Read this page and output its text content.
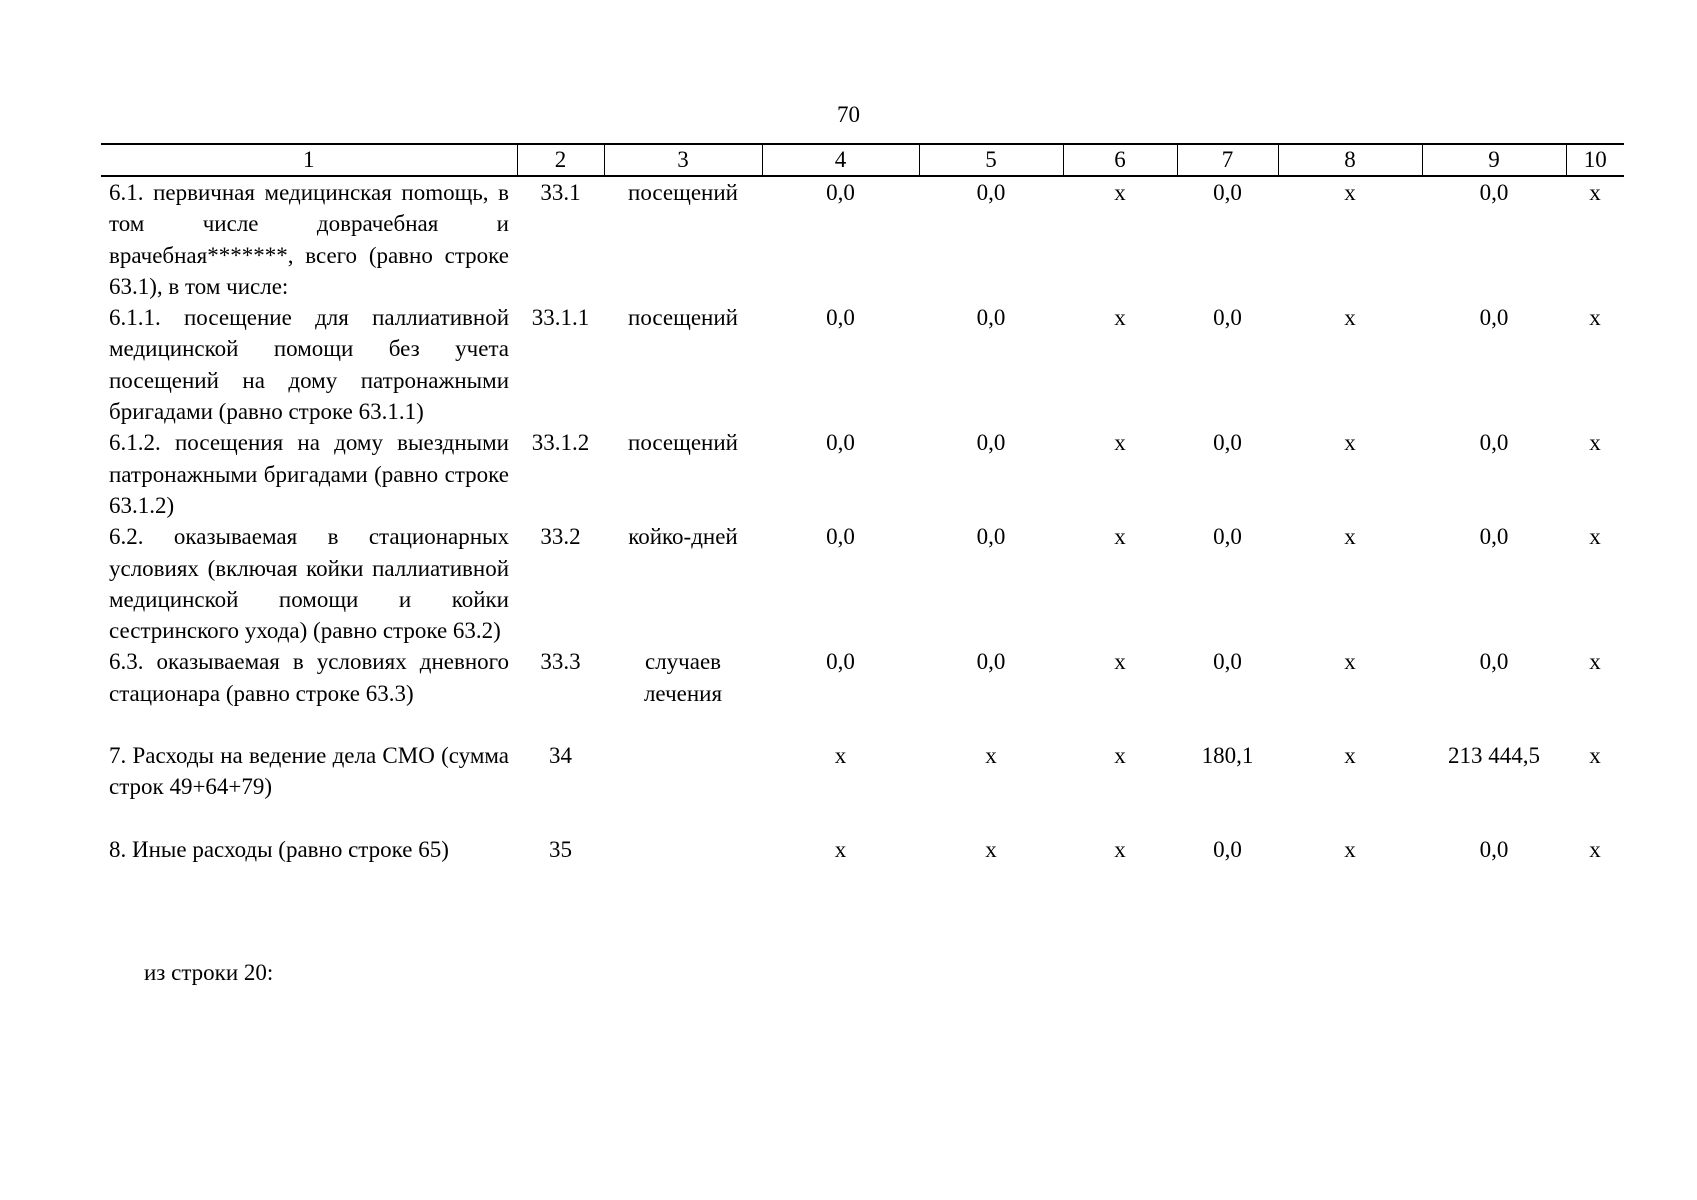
70
1	2	3	4	5	6	7	8	9	10
6.1. первичная медицинская поmощь, в том числе доврачебная и врачебная*******, всего (равно строке 63.1), в том числе:	33.1	посещений	0,0	0,0	х	0,0	х	0,0	х
6.1.1. посещение для паллиативной медицинской помощи без учета посещений на дому патронажными бригадами (равно строке 63.1.1)	33.1.1	посещений	0,0	0,0	х	0,0	х	0,0	х
6.1.2. посещения на дому выездными патронажными бригадами (равно строке 63.1.2)	33.1.2	посещений	0,0	0,0	х	0,0	х	0,0	х
6.2. оказываемая в стационарных условиях (включая койки паллиативной медицинской помощи и койки сестринского ухода) (равно строке 63.2)	33.2	койко-дней	0,0	0,0	х	0,0	х	0,0	х
6.3. оказываемая в условиях дневного стационара (равно строке 63.3)	33.3	случаев лечения	0,0	0,0	х	0,0	х	0,0	х
7. Расходы на ведение дела СМО (сумма строк 49+64+79)	34		х	х	х	180,1	х	213 444,5	х
8. Иные расходы (равно строке 65)	35		х	х	х	0,0	х	0,0	х
из строки 20:
